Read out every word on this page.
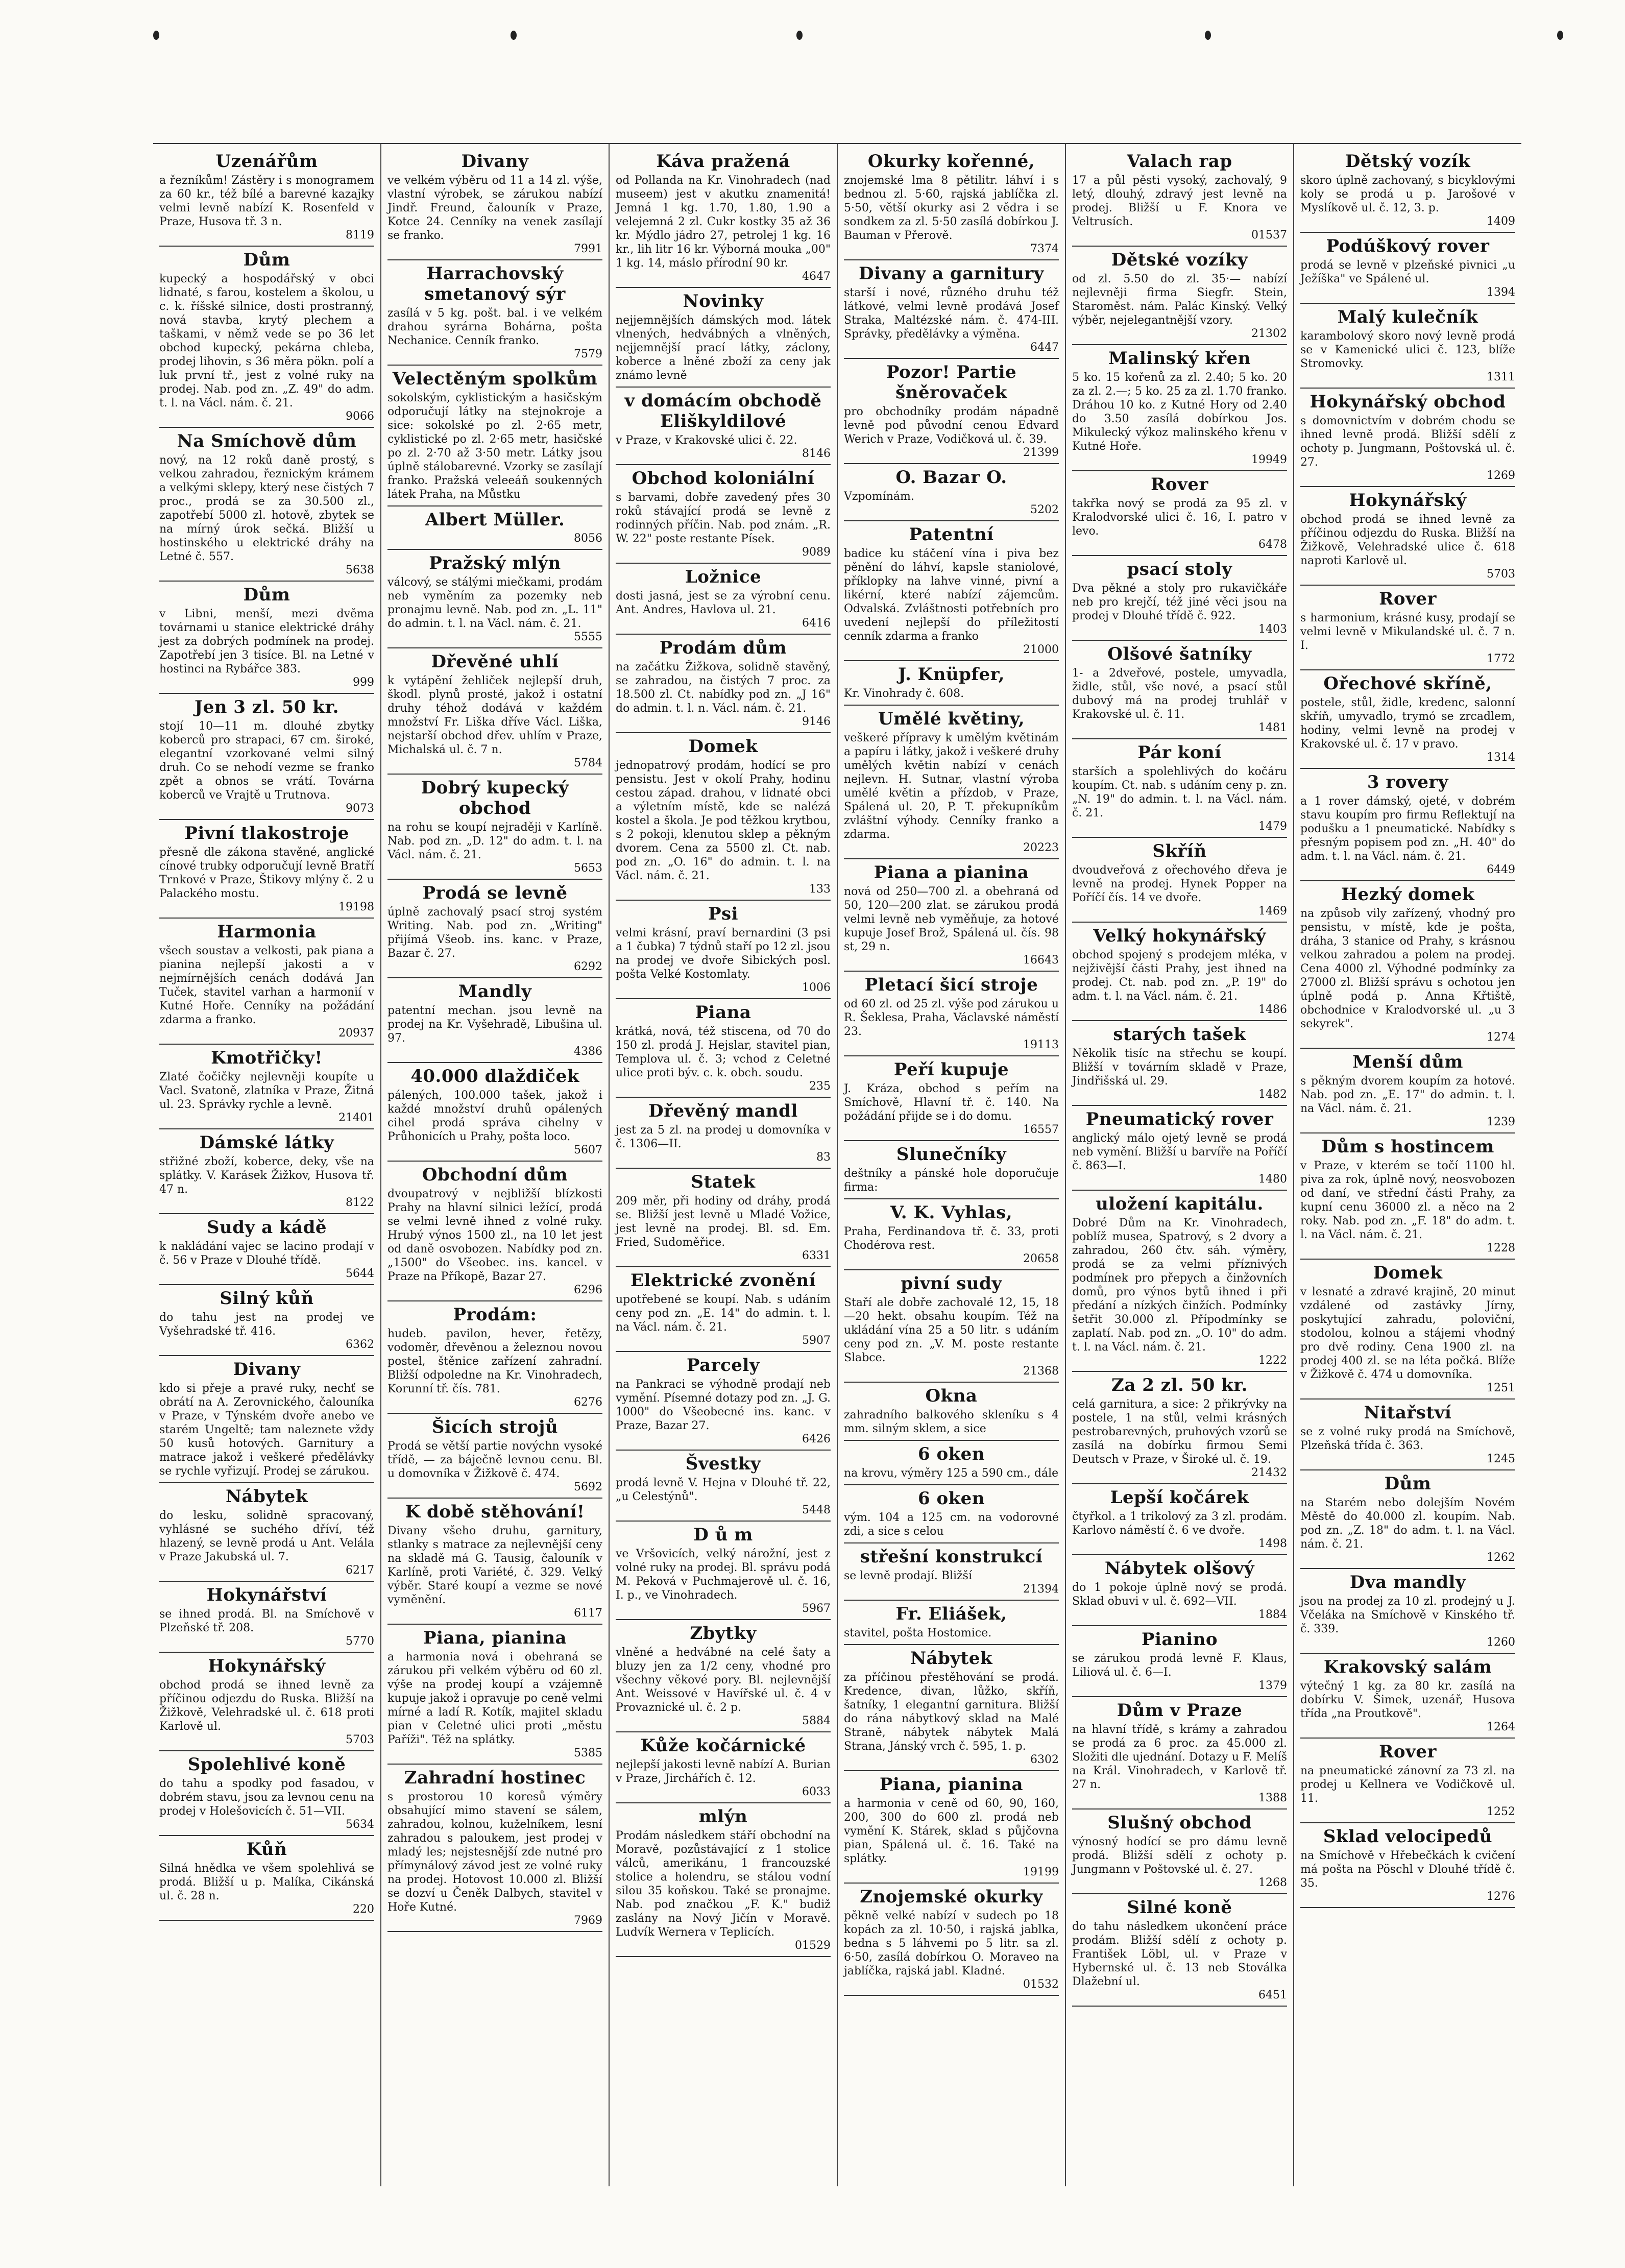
Uzenářům

a řezníkům! Zástěry i s monogramem za 60 kr., též bílé a barevné kazajky velmi levně nabízí K. Rosenfeld v Praze, Husova tř. 3 n.

8119
Dům

kupecký a hospodářský v obci lidnaté, s farou, kostelem a školou, u c. k. říšské silnice, dosti prostranný, nová stavba, krytý plechem a taškami, v němž vede se po 36 let obchod kupecký, pekárna chleba, prodej lihovin, s 36 měra pökn. polí a luk první tř., jest z volné ruky na prodej. Nab. pod zn. „Z. 49" do adm. t. l. na Václ. nám. č. 21.

9066
Na Smíchově dům

nový, na 12 roků daně prostý, s velkou zahradou, řeznickým krámem a velkými sklepy, který nese čistých 7 proc., prodá se za 30.500 zl., zapotřebí 5000 zl. hotově, zbytek se na mírný úrok sečká. Bližší u hostinského u elektrické dráhy na Letné č. 557.

5638
Dům

v Libni, menší, mezi dvěma továrnami u stanice elektrické dráhy jest za dobrých podmínek na prodej. Zapotřebí jen 3 tisíce. Bl. na Letné v hostinci na Rybářce 383.

999
Jen 3 zl. 50 kr.

stojí 10—11 m. dlouhé zbytky koberců pro strapaci, 67 cm. široké, elegantní vzorkované velmi silný druh. Co se nehodí vezme se franko zpět a obnos se vrátí. Továrna koberců ve Vrajtě u Trutnova.

9073
Pivní tlakostroje

přesně dle zákona stavěné, anglické cínové trubky odporučují levně Bratří Trnkové v Praze, Štikovy mlýny č. 2 u Palackého mostu.

19198
Harmonia

všech soustav a velkosti, pak piana a pianina nejlepší jakosti a v nejmírnějších cenách dodává Jan Tuček, stavitel varhan a harmonií v Kutné Hoře. Cenníky na požádání zdarma a franko.

20937
Kmotřičky!

Zlaté čočičky nejlevněji koupíte u Vacl. Svatoně, zlatníka v Praze, Žitná ul. 23. Správky rychle a levně.

21401
Dámské látky

střižné zboží, koberce, deky, vše na splátky. V. Karásek Žižkov, Husova tř. 47 n.

8122
Sudy a kádě

k nakládání vajec se lacino prodají v č. 56 v Praze v Dlouhé třídě.

5644
Silný kůň

do tahu jest na prodej ve Vyšehradské tř. 416.

6362
Divany

kdo si přeje a pravé ruky, nechť se obrátí na A. Zerovnického, čalouníka v Praze, v Týnském dvoře anebo ve starém Ungeltě; tam naleznete vždy 50 kusů hotových. Garnitury a matrace jakož i veškeré předělávky se rychle vyřizují. Prodej se zárukou.

Nábytek

do lesku, solidně spracovaný, vyhlásné se suchého dříví, též hlazený, se levně prodá u Ant. Velála v Praze Jakubská ul. 7.

6217
Hokynářství

se ihned prodá. Bl. na Smíchově v Plzeňské tř. 208.

5770
Hokynářský

obchod prodá se ihned levně za příčinou odjezdu do Ruska. Bližší na Žižkově, Velehradské ul. č. 618 proti Karlově ul.

5703
Spolehlivé koně

do tahu a spodky pod fasadou, v dobrém stavu, jsou za levnou cenu na prodej v Holešovicích č. 51—VII.

5634
Kůň

Silná hnědka ve všem spolehlivá se prodá. Bližší u p. Malíka, Cikánská ul. č. 28 n.

220
Divany

ve velkém výběru od 11 a 14 zl. výše, vlastní výrobek, se zárukou nabízí Jindř. Freund, čalouník v Praze, Kotce 24. Cenníky na venek zasílají se franko.

7991
Harrachovský smetanový sýr

zasílá v 5 kg. pošt. bal. i ve velkém drahou syrárna Bohárna, pošta Nechanice. Cenník franko.

7579
Velectěným spolkům

sokolským, cyklistickým a hasičským odporučují látky na stejnokroje a sice: sokolské po zl. 2·65 metr, cyklistické po zl. 2·65 metr, hasičské po zl. 2·70 až 3·50 metr. Látky jsou úplně stálobarevné. Vzorky se zasílají franko. Pražská veleeáň soukenných látek Praha, na Můstku

Albert Müller.

8056
Pražský mlýn

válcový, se stálými miečkami, prodám neb vyměním za pozemky neb pronajmu levně. Nab. pod zn. „L. 11" do admin. t. l. na Václ. nám. č. 21.

5555
Dřevěné uhlí

k vytápění žehliček nejlepší druh, škodl. plynů prosté, jakož i ostatní druhy téhož dodává v každém množství Fr. Liška dříve Václ. Liška, nejstarší obchod dřev. uhlím v Praze, Michalská ul. č. 7 n.

5784
Dobrý kupecký obchod

na rohu se koupí nejraději v Karlíně. Nab. pod zn. „D. 12" do adm. t. l. na Václ. nám. č. 21.

5653
Prodá se levně

úplně zachovalý psací stroj systém Writing. Nab. pod zn. „Writing" přijímá Všeob. ins. kanc. v Praze, Bazar č. 27.

6292
Mandly

patentní mechan. jsou levně na prodej na Kr. Vyšehradě, Libušina ul. 97.

4386
40.000 dlaždiček

pálených, 100.000 tašek, jakož i každé množství druhů opálených cihel prodá správa cihelny v Průhonicích u Prahy, pošta loco.

5607
Obchodní dům

dvoupatrový v nejbližší blízkosti Prahy na hlavní silnici ležící, prodá se velmi levně ihned z volné ruky. Hrubý výnos 1500 zl., na 10 let jest od daně osvobozen. Nabídky pod zn. „1500" do Všeobec. ins. kancel. v Praze na Příkopě, Bazar 27.

6296
Prodám:

hudeb. pavilon, hever, řetězy, vodoměr, dřevěnou a železnou novou postel, štěnice zařízení zahradní. Bližší odpoledne na Kr. Vinohradech, Korunní tř. čís. 781.

6276
Šicích strojů

Prodá se větší partie novýchn vysoké třídě, — za báječně levnou cenu. Bl. u domovníka v Žižkově č. 474.

5692
K době stěhování!

Divany všeho druhu, garnitury, stlanky s matrace za nejlevnější ceny na skladě má G. Tausig, čalouník v Karlíně, proti Variété, č. 329. Velký výběr. Staré koupí a vezme se nové vyměnění.

6117
Piana, pianina

a harmonia nová i obehraná se zárukou při velkém výběru od 60 zl. výše na prodej koupí a vzájemně kupuje jakož i opravuje po ceně velmi mírné a ladí R. Kotík, majitel skladu pian v Celetné ulici proti „městu Paříži". Též na splátky.

5385
Zahradní hostinec

s prostorou 10 koresů výměry obsahující mimo stavení se sálem, zahradou, kolnou, kuželníkem, lesní zahradou s paloukem, jest prodej v mladý les; nejstesnější zde nutné pro přímynálový závod jest ze volné ruky na prodej. Hotovost 10.000 zl. Bližší se dozví u Čeněk Dalbych, stavitel v Hoře Kutné.

7969
Káva pražená

od Pollanda na Kr. Vinohradech (nad museem) jest v akutku znamenitá! Jemná 1 kg. 1.70, 1.80, 1.90 a velejemná 2 zl. Cukr kostky 35 až 36 kr. Mýdlo jádro 27, petrolej 1 kg. 16 kr., lih litr 16 kr. Výborná mouka „00" 1 kg. 14, máslo přírodní 90 kr.

4647
Novinky

nejjemnějších dámských mod. látek vlnených, hedvábných a vlněných, nejjemnější prací látky, záclony, koberce a lněné zboží za ceny jak známo levně

v domácím obchodě Eliškyldilové

v Praze, v Krakovské ulici č. 22.

8146
Obchod koloniální

s barvami, dobře zavedený přes 30 roků stávající prodá se levně z rodinných příčin. Nab. pod znám. „R. W. 22" poste restante Písek.

9089
Ložnice

dosti jasná, jest se za výrobní cenu. Ant. Andres, Havlova ul. 21.

6416
Prodám dům

na začátku Žižkova, solidně stavěný, se zahradou, na čistých 7 proc. za 18.500 zl. Ct. nabídky pod zn. „J 16" do admin. t. l. n. Václ. nám. č. 21.

9146
Domek

jednopatrový prodám, hodící se pro pensistu. Jest v okolí Prahy, hodinu cestou západ. drahou, v lidnaté obci a výletním místě, kde se nalézá kostel a škola. Je pod těžkou krytbou, s 2 pokoji, klenutou sklep a pěkným dvorem. Cena za 5500 zl. Ct. nab. pod zn. „O. 16" do admin. t. l. na Václ. nám. č. 21.

133
Psi

velmi krásní, praví bernardini (3 psi a 1 čubka) 7 týdnů staří po 12 zl. jsou na prodej ve dvoře Sibických posl. pošta Velké Kostomlaty.

1006
Piana

krátká, nová, též stiscena, od 70 do 150 zl. prodá J. Hejslar, stavitel pian, Templova ul. č. 3; vchod z Celetné ulice proti býv. c. k. obch. soudu.

235
Dřevěný mandl

jest za 5 zl. na prodej u domovníka v č. 1306—II.

83
Statek

209 měr, při hodiny od dráhy, prodá se. Bližší jest levně u Mladé Vožice, jest levně na prodej. Bl. sd. Em. Fried, Sudoměřice.

6331
Elektrické zvonění

upotřebené se koupí. Nab. s udáním ceny pod zn. „E. 14" do admin. t. l. na Václ. nám. č. 21.

5907
Parcely

na Pankraci se výhodně prodají neb vymění. Písemné dotazy pod zn. „J. G. 1000" do Všeobecné ins. kanc. v Praze, Bazar 27.

6426
Švestky

prodá levně V. Hejna v Dlouhé tř. 22, „u Celestýnů".

5448
D ů m

ve Vršovicích, velký nárožní, jest z volné ruky na prodej. Bl. správu podá M. Peková v Puchmajerově ul. č. 16, I. p., ve Vinohradech.

5967
Zbytky

vlněné a hedvábné na celé šaty a bluzy jen za 1/2 ceny, vhodné pro všechny věkové pory. Bl. nejlevnější Ant. Weissové v Havířské ul. č. 4 v Provaznické ul. č. 2 p.

5884
Kůže kočárnické

nejlepší jakosti levně nabízí A. Burian v Praze, Jirchářích č. 12.

6033
mlýn

Prodám následkem stáří obchodní na Moravě, pozůstávající z 1 stolice válců, amerikánu, 1 francouzské stolice a holendru, se stálou vodní silou 35 koňskou. Také se pronajme. Nab. pod značkou „F. K." budiž zaslány na Nový Jičín v Moravě. Ludvík Wernera v Teplicích.

01529
Okurky kořenné,

znojemské lma 8 pětilitr. láhví i s bednou zl. 5·60, rajská jablíčka zl. 5·50, větší okurky asi 2 vědra i se sondkem za zl. 5·50 zasílá dobírkou J. Bauman v Přerově.

7374
Divany a garnitury

starší i nové, různého druhu též látkové, velmi levně prodává Josef Straka, Maltézské nám. č. 474-III. Správky, předělávky a výměna.

6447
Pozor! Partie šněrovaček

pro obchodníky prodám nápadně levně pod původní cenou Edvard Werich v Praze, Vodičková ul. č. 39.

21399
O. Bazar O.

Vzpomínám.

5202
Patentní

badice ku stáčení vína i piva bez pěnění do láhví, kapsle staniolové, příklopky na lahve vinné, pivní a likérní, které nabízí zájemcům. Odvalská. Zvláštnosti potřebních pro uvedení nejlepší do příležitostí cenník zdarma a franko

21000
J. Knüpfer,

Kr. Vinohrady č. 608.

Umělé květiny,

veškeré přípravy k umělým květinám a papíru i látky, jakož i veškeré druhy umělých květin nabízí v cenách nejlevn. H. Sutnar, vlastní výroba umělé květin a přízdob, v Praze, Spálená ul. 20, P. T. překupníkům zvláštní výhody. Cenníky franko a zdarma.

20223
Piana a pianina

nová od 250—700 zl. a obehraná od 50, 120—200 zlat. se zárukou prodá velmi levně neb vyměňuje, za hotové kupuje Josef Brož, Spálená ul. čís. 98 st, 29 n.

16643
Pletací šicí stroje

od 60 zl. od 25 zl. výše pod zárukou u R. Šeklesa, Praha, Václavské náměstí 23.

19113
Peří kupuje

J. Kráza, obchod s peřím na Smíchově, Hlavní tř. č. 140. Na požádání přijde se i do domu.

16557
Slunečníky

deštníky a pánské hole doporučuje firma:

V. K. Vyhlas,

Praha, Ferdinandova tř. č. 33, proti Chodérova rest.

20658
pivní sudy

Staří ale dobře zachovalé 12, 15, 18—20 hekt. obsahu koupím. Též na ukládání vína 25 a 50 litr. s udáním ceny pod zn. „V. M. poste restante Slabce.

21368
Okna

zahradního balkového skleníku s 4 mm. silným sklem, a sice

6 oken

na krovu, výměry 125 a 590 cm., dále

6 oken

vým. 104 a 125 cm. na vodorovné zdi, a sice s celou

střešní konstrukcí

se levně prodají. Bližší

21394
Fr. Eliášek,

stavitel, pošta Hostomice.

Nábytek

za příčinou přestěhování se prodá. Kredence, divan, lůžko, skříň, šatníky, 1 elegantní garnitura. Bližší do rána nábytkový sklad na Malé Straně, nábytek nábytek Malá Strana, Jánský vrch č. 595, 1. p.

6302
Piana, pianina

a harmonia v ceně od 60, 90, 160, 200, 300 do 600 zl. prodá neb vymění K. Stárek, sklad s půjčovna pian, Spálená ul. č. 16. Také na splátky.

19199
Znojemské okurky

pěkně velké nabízí v sudech po 18 kopách za zl. 10·50, i rajská jablka, bedna s 5 láhvemi po 5 litr. sa zl. 6·50, zasílá dobírkou O. Moraveo na jablíčka, rajská jabl. Kladné.

01532
Valach rap

17 a půl pěsti vysoký, zachovalý, 9 letý, dlouhý, zdravý jest levně na prodej. Bližší u F. Knora ve Veltrusích.

01537
Dětské vozíky

od zl. 5.50 do zl. 35·— nabízí nejlevněji firma Siegfr. Stein, Staroměst. nám. Palác Kinský. Velký výběr, nejelegantnější vzory.

21302
Malinský křen

5 ko. 15 kořenů za zl. 2.40; 5 ko. 20 za zl. 2.—; 5 ko. 25 za zl. 1.70 franko. Dráhou 10 ko. z Kutné Hory od 2.40 do 3.50 zasílá dobírkou Jos. Mikulecký výkoz malinského křenu v Kutné Hoře.

19949
Rover

takřka nový se prodá za 95 zl. v Kralodvorské ulici č. 16, I. patro v levo.

6478
psací stoly

Dva pěkné a stoly pro rukavičkáře neb pro krejčí, též jiné věci jsou na prodej v Dlouhé třídě č. 922.

1403
Olšové šatníky

1- a 2dveřové, postele, umyvadla, židle, stůl, vše nové, a psací stůl dubový má na prodej truhlář v Krakovské ul. č. 11.

1481
Pár koní

starších a spolehlivých do kočáru koupím. Ct. nab. s udáním ceny p. zn. „N. 19" do admin. t. l. na Václ. nám. č. 21.

1479
Skříň

dvoudveřová z ořechového dřeva je levně na prodej. Hynek Popper na Poříčí čís. 14 ve dvoře.

1469
Velký hokynářský

obchod spojený s prodejem mléka, v nejživější části Prahy, jest ihned na prodej. Ct. nab. pod zn. „P. 19" do adm. t. l. na Václ. nám. č. 21.

1486
starých tašek

Několik tisíc na střechu se koupí. Bližší v továrním skladě v Praze, Jindřišská ul. 29.

1482
Pneumatický rover

anglický málo ojetý levně se prodá neb vymění. Bližší u barvíře na Poříčí č. 863—I.

1480
uložení kapitálu.

Dobré Dům na Kr. Vinohradech, poblíž musea, Spatrový, s 2 dvory a zahradou, 260 čtv. sáh. výměry, prodá se za velmi příznivých podmínek pro přepych a činžovních domů, pro výnos bytů ihned i při předání a nízkých činžích. Podmínky šetřit 30.000 zl. Přípodmínky se zaplatí. Nab. pod zn. „O. 10" do adm. t. l. na Václ. nám. č. 21.

1222
Za 2 zl. 50 kr.

celá garnitura, a sice: 2 přikrývky na postele, 1 na stůl, velmi krásných pestrobarevných, pruhových vzorů se zasílá na dobírku firmou Semi Deutsch v Praze, v Široké ul. č. 19.

21432
Lepší kočárek

čtyřkol. a 1 trikolový za 3 zl. prodám. Karlovo náměstí č. 6 ve dvoře.

1498
Nábytek olšový

do 1 pokoje úplně nový se prodá. Sklad obuvi v ul. č. 692—VII.

1884
Pianino

se zárukou prodá levně F. Klaus, Liliová ul. č. 6—I.

1379
Dům v Praze

na hlavní třídě, s krámy a zahradou se prodá za 6 proc. za 45.000 zl. Složiti dle ujednání. Dotazy u F. Melíš na Král. Vinohradech, v Karlově tř. 27 n.

1388
Slušný obchod

výnosný hodící se pro dámu levně prodá. Bližší sdělí z ochoty p. Jungmann v Poštovské ul. č. 27.

1268
Silné koně

do tahu následkem ukončení práce prodám. Bližší sdělí z ochoty p. František Löbl, ul. v Praze v Hybernské ul. č. 13 neb Stoválka Dlažební ul.

6451
Dětský vozík

skoro úplně zachovaný, s bicyklovými koly se prodá u p. Jarošové v Myslíkově ul. č. 12, 3. p.

1409
Podúškový rover

prodá se levně v plzeňské pivnici „u Ježíška" ve Spálené ul.

1394
Malý kulečník

karambolový skoro nový levně prodá se v Kamenické ulici č. 123, blíže Stromovky.

1311
Hokynářský obchod

s domovnictvím v dobrém chodu se ihned levně prodá. Bližší sdělí z ochoty p. Jungmann, Poštovská ul. č. 27.

1269
Hokynářský

obchod prodá se ihned levně za příčinou odjezdu do Ruska. Bližší na Žižkově, Velehradské ulice č. 618 naproti Karlově ul.

5703
Rover

s harmonium, krásné kusy, prodají se velmi levně v Mikulandské ul. č. 7 n. I.

1772
Ořechové skříně,

postele, stůl, židle, kredenc, salonní skříň, umyvadlo, trymó se zrcadlem, hodiny, velmi levně na prodej v Krakovské ul. č. 17 v pravo.

1314
3 rovery

a 1 rover dámský, ojeté, v dobrém stavu koupím pro firmu Reflektují na podušku a 1 pneumatické. Nabídky s přesným popisem pod zn. „H. 40" do adm. t. l. na Václ. nám. č. 21.

6449
Hezký domek

na způsob vily zařízený, vhodný pro pensistu, v místě, kde je pošta, dráha, 3 stanice od Prahy, s krásnou velkou zahradou a polem na prodej. Cena 4000 zl. Výhodné podmínky za 27000 zl. Bližší správu s ochotou jen úplně podá p. Anna Křtiště, obchodnice v Kralodvorské ul. „u 3 sekyrek".

1274
Menší dům

s pěkným dvorem koupím za hotové. Nab. pod zn. „E. 17" do admin. t. l. na Václ. nám. č. 21.

1239
Dům s hostincem

v Praze, v kterém se točí 1100 hl. piva za rok, úplně nový, neosvobozen od daní, ve střední části Prahy, za kupní cenu 36000 zl. a něco na 2 roky. Nab. pod zn. „F. 18" do adm. t. l. na Václ. nám. č. 21.

1228
Domek

v lesnaté a zdravé krajině, 20 minut vzdálené od zastávky Jírny, poskytující zahradu, poloviční, stodolou, kolnou a stájemi vhodný pro dvě rodiny. Cena 1900 zl. na prodej 400 zl. se na léta počká. Blíže v Žižkově č. 474 u domovníka.

1251
Nitařství

se z volné ruky prodá na Smíchově, Plzeňská třída č. 363.

1245
Dům

na Starém nebo dolejším Novém Městě do 40.000 zl. koupím. Nab. pod zn. „Z. 18" do adm. t. l. na Václ. nám. č. 21.

1262
Dva mandly

jsou na prodej za 10 zl. prodejný u J. Včeláka na Smíchově v Kinského tř. č. 339.

1260
Krakovský salám

výtečný 1 kg. za 80 kr. zasílá na dobírku V. Šimek, uzenář, Husova třída „na Proutkově".

1264
Rover

na pneumatické zánovní za 73 zl. na prodej u Kellnera ve Vodičkově ul. 11.

1252
Sklad velocipedů

na Smíchově v Hřebečkách k cvičení má pošta na Pöschl v Dlouhé třídě č. 35.

1276
